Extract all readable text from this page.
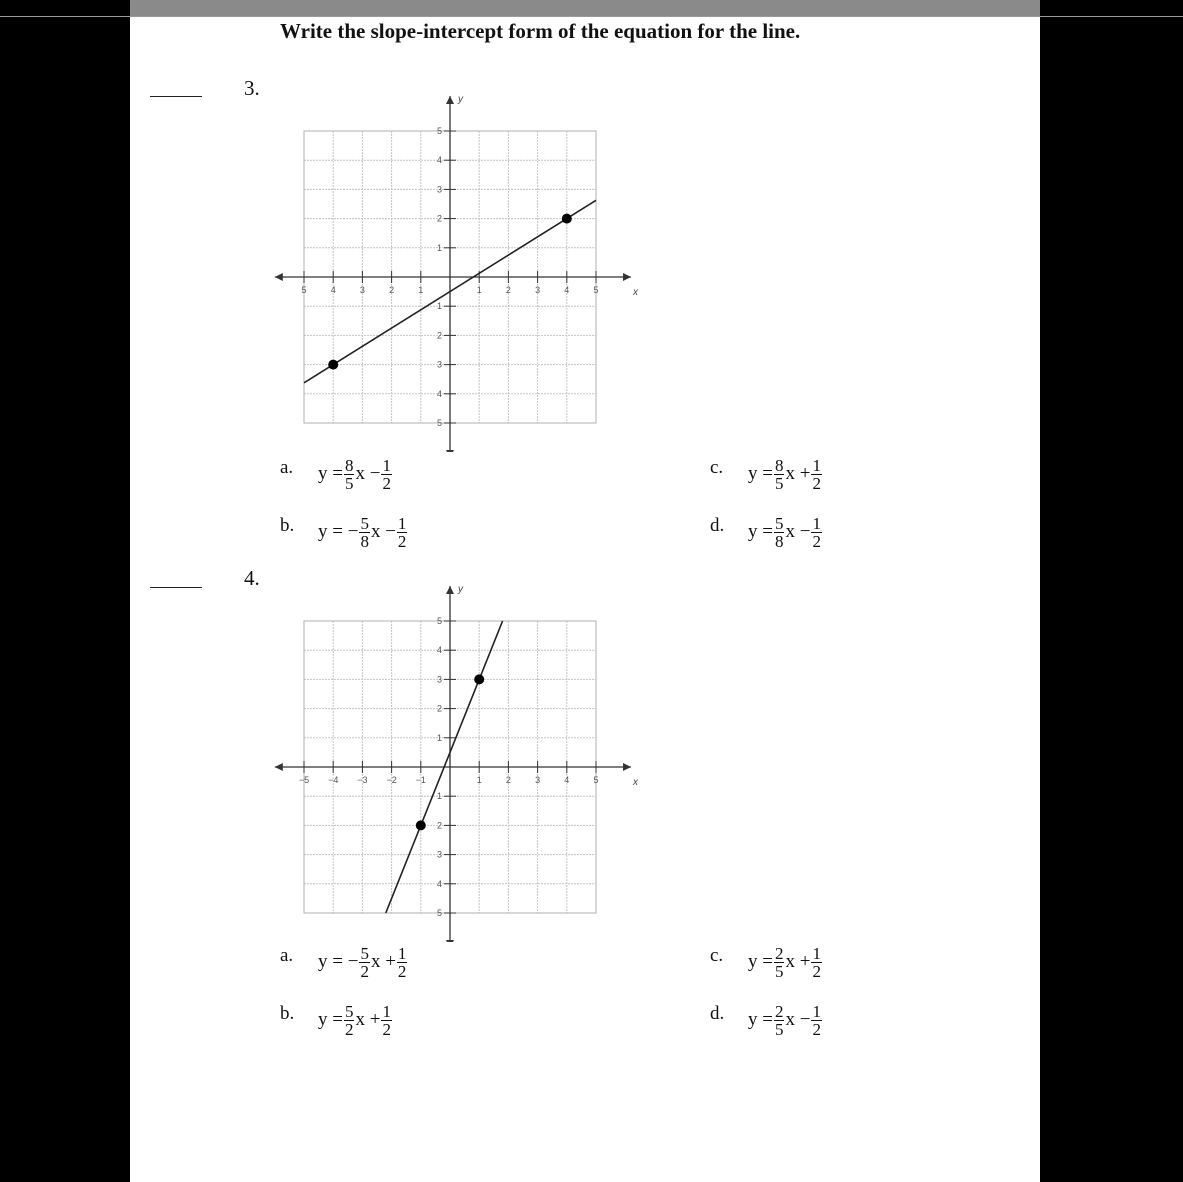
Write the slope-intercept form of the equation for the line.
3.
5	4	3	2	1	1	2	3	4	5
5
4
3
2
1
1
2
3
4
5
x
y
a. $y = \frac{8}{5}$ $x - \frac{1}{2}$
b. y = − $\frac{5}{8}$ $x - \frac{1}{2}$
c. $y = \frac{8}{5}$ $x + \frac{1}{2}$
d. $y = \frac{5}{8}$ $x - \frac{1}{2}$
4.
−5 −4 −3 −2 −1	1	2	3	4	5
5
4
3
2
1
1
2
3
4
5
x
y
a. y = − $\frac{5}{2}$ $x + \frac{1}{2}$
b. $y = \frac{5}{2}$ $x + \frac{1}{2}$
c. $y = \frac{2}{5}$ $x + \frac{1}{2}$
d. $y = \frac{2}{5}$ $x - \frac{1}{2}$
